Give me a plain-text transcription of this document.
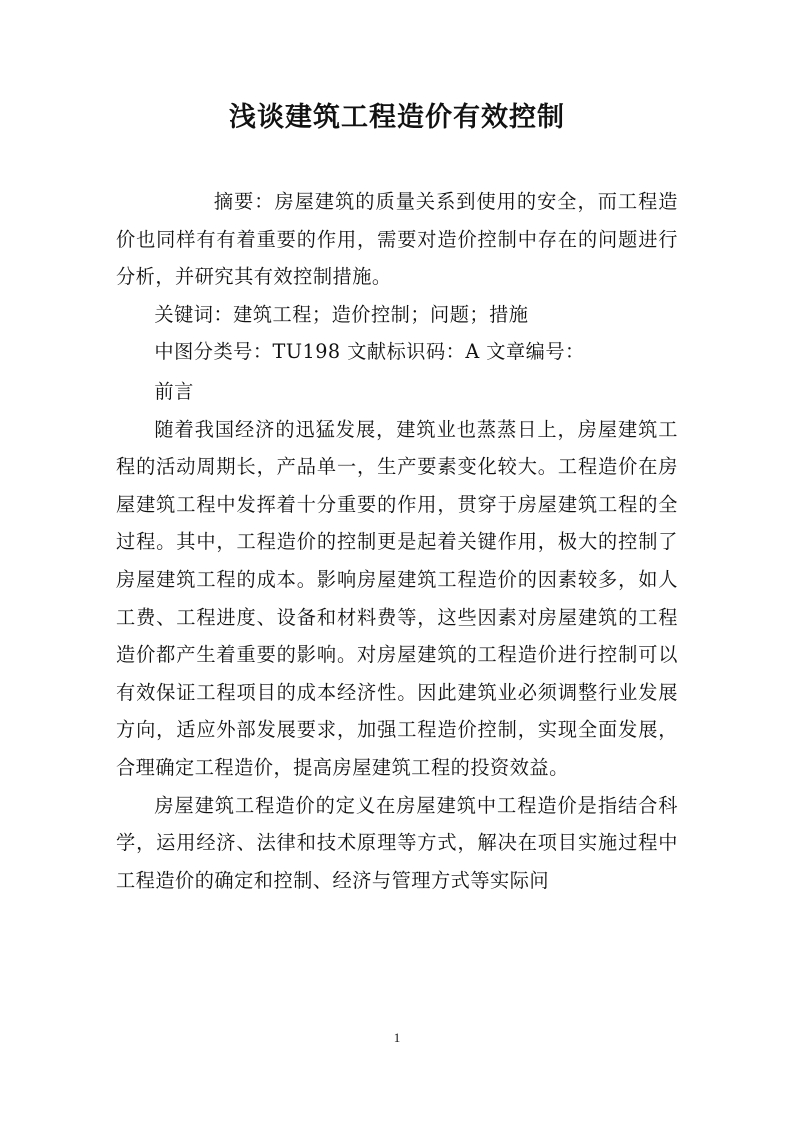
浅谈建筑工程造价有效控制

摘要：房屋建筑的质量关系到使用的安全，而工程造价也同样有有着重要的作用，需要对造价控制中存在的问题进行分析，并研究其有效控制措施。

关键词：建筑工程；造价控制；问题；措施

中图分类号：TU198 文献标识码：A 文章编号：

前言

随着我国经济的迅猛发展，建筑业也蒸蒸日上，房屋建筑工程的活动周期长，产品单一，生产要素变化较大。工程造价在房屋建筑工程中发挥着十分重要的作用，贯穿于房屋建筑工程的全过程。其中，工程造价的控制更是起着关键作用，极大的控制了房屋建筑工程的成本。影响房屋建筑工程造价的因素较多，如人工费、工程进度、设备和材料费等，这些因素对房屋建筑的工程造价都产生着重要的影响。对房屋建筑的工程造价进行控制可以有效保证工程项目的成本经济性。因此建筑业必须调整行业发展方向，适应外部发展要求，加强工程造价控制，实现全面发展，合理确定工程造价，提高房屋建筑工程的投资效益。

房屋建筑工程造价的定义在房屋建筑中工程造价是指结合科学，运用经济、法律和技术原理等方式，解决在项目实施过程中工程造价的确定和控制、经济与管理方式等实际问

1
